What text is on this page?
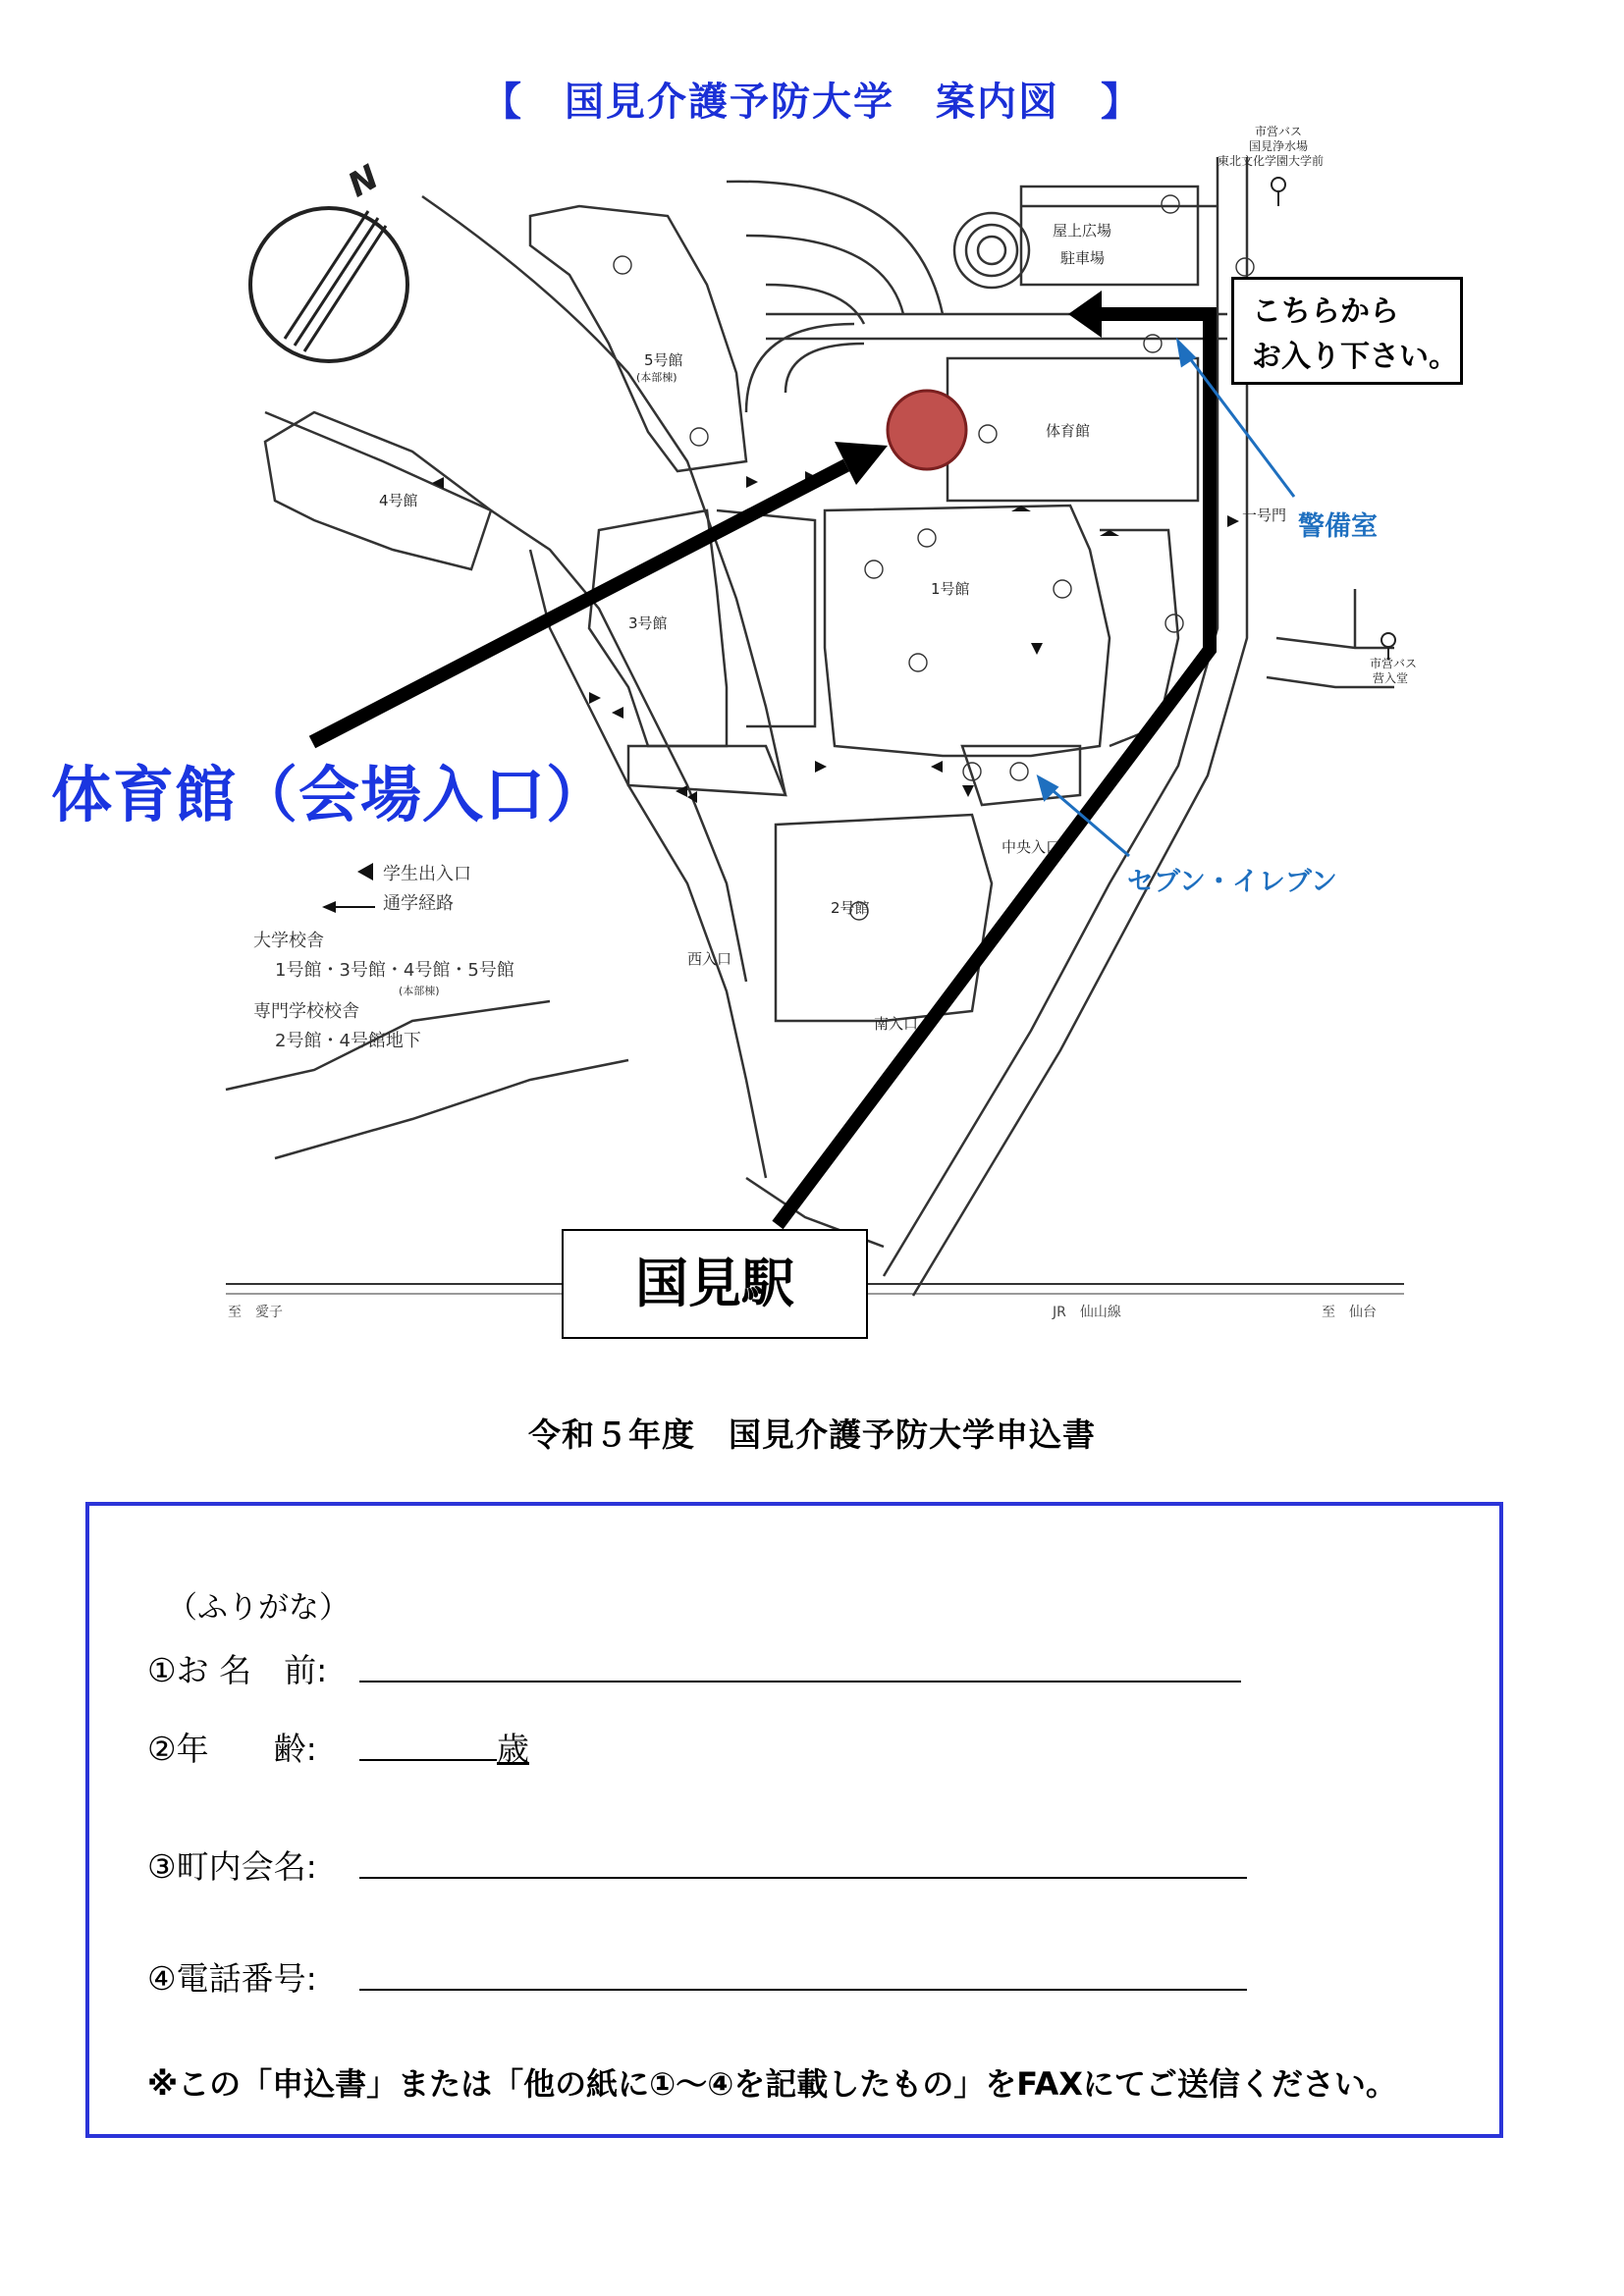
【　国見介護予防大学　案内図　】
N
体育館
屋上広場
駐車場
1号館
2号館
3号館
4号館
5号館
(本部棟)
西入口
南入口
中央入口
一号門
市営バス
国見浄水場
東北文化学園大学前
市営バス
营入堂
こちらから
お入り下さい。
体育館（会場入口）
警備室
セブン・イレブン
学生出入口
通学経路
大学校舎
1号館・3号館・4号館・5号館
(本部棟)
専門学校校舎
2号館・4号館地下
国見駅
至　愛子	JR　仙山線	至　仙台
令和５年度　国見介護予防大学申込書
（ふりがな）
①お 名　前:
②年　　齢:	歳
③町内会名:
④電話番号:
※この「申込書」または「他の紙に①～④を記載したもの」をFAXにてご送信ください。
